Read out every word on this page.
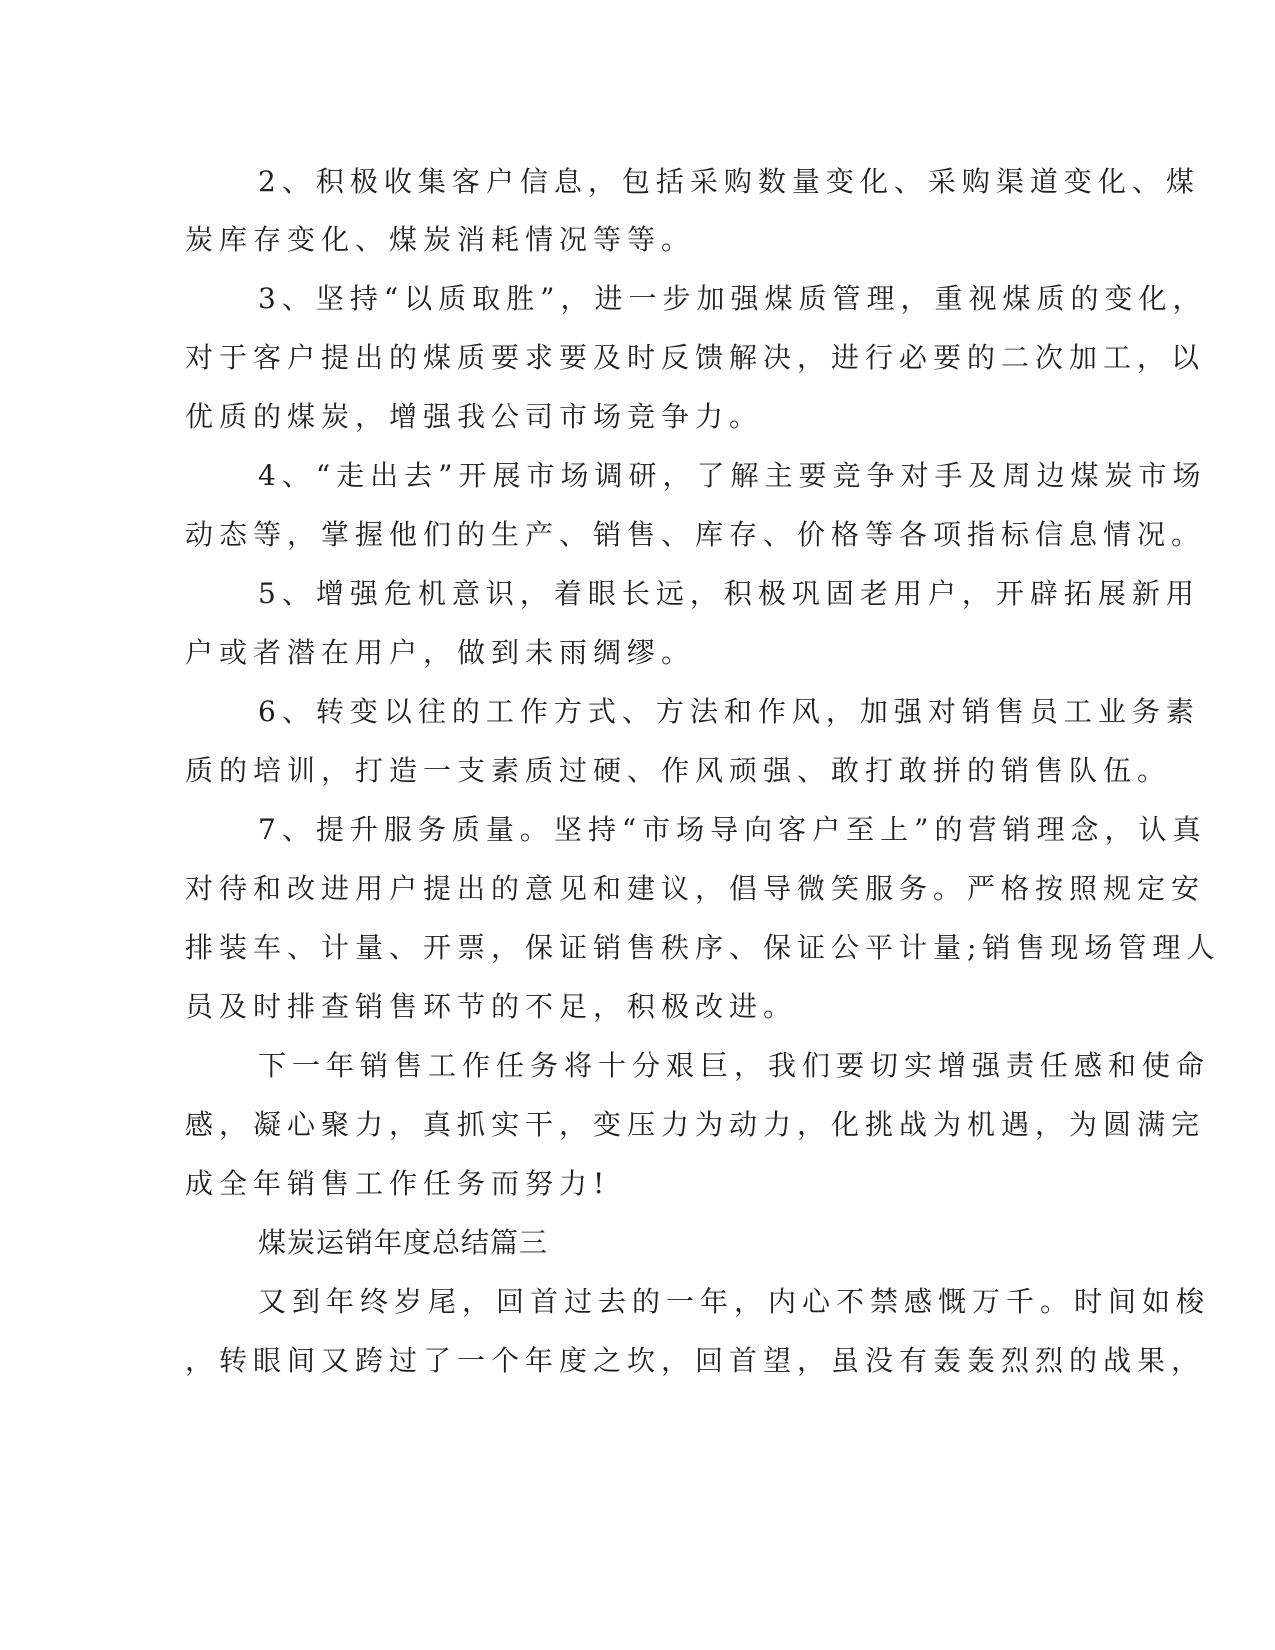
2、积极收集客户信息，包括采购数量变化、采购渠道变化、煤
炭库存变化、煤炭消耗情况等等。
3、坚持“以质取胜”，进一步加强煤质管理，重视煤质的变化，
对于客户提出的煤质要求要及时反馈解决，进行必要的二次加工，以
优质的煤炭，增强我公司市场竞争力。
4、“走出去”开展市场调研，了解主要竞争对手及周边煤炭市场
动态等，掌握他们的生产、销售、库存、价格等各项指标信息情况。
5、增强危机意识，着眼长远，积极巩固老用户，开辟拓展新用
户或者潜在用户，做到未雨绸缪。
6、转变以往的工作方式、方法和作风，加强对销售员工业务素
质的培训，打造一支素质过硬、作风顽强、敢打敢拼的销售队伍。
7、提升服务质量。坚持“市场导向客户至上”的营销理念，认真
对待和改进用户提出的意见和建议，倡导微笑服务。严格按照规定安
排装车、计量、开票，保证销售秩序、保证公平计量;销售现场管理人
员及时排查销售环节的不足，积极改进。
下一年销售工作任务将十分艰巨，我们要切实增强责任感和使命
感，凝心聚力，真抓实干，变压力为动力，化挑战为机遇，为圆满完
成全年销售工作任务而努力!
煤炭运销年度总结篇三
又到年终岁尾，回首过去的一年，内心不禁感慨万千。时间如梭
，转眼间又跨过了一个年度之坎，回首望，虽没有轰轰烈烈的战果，
